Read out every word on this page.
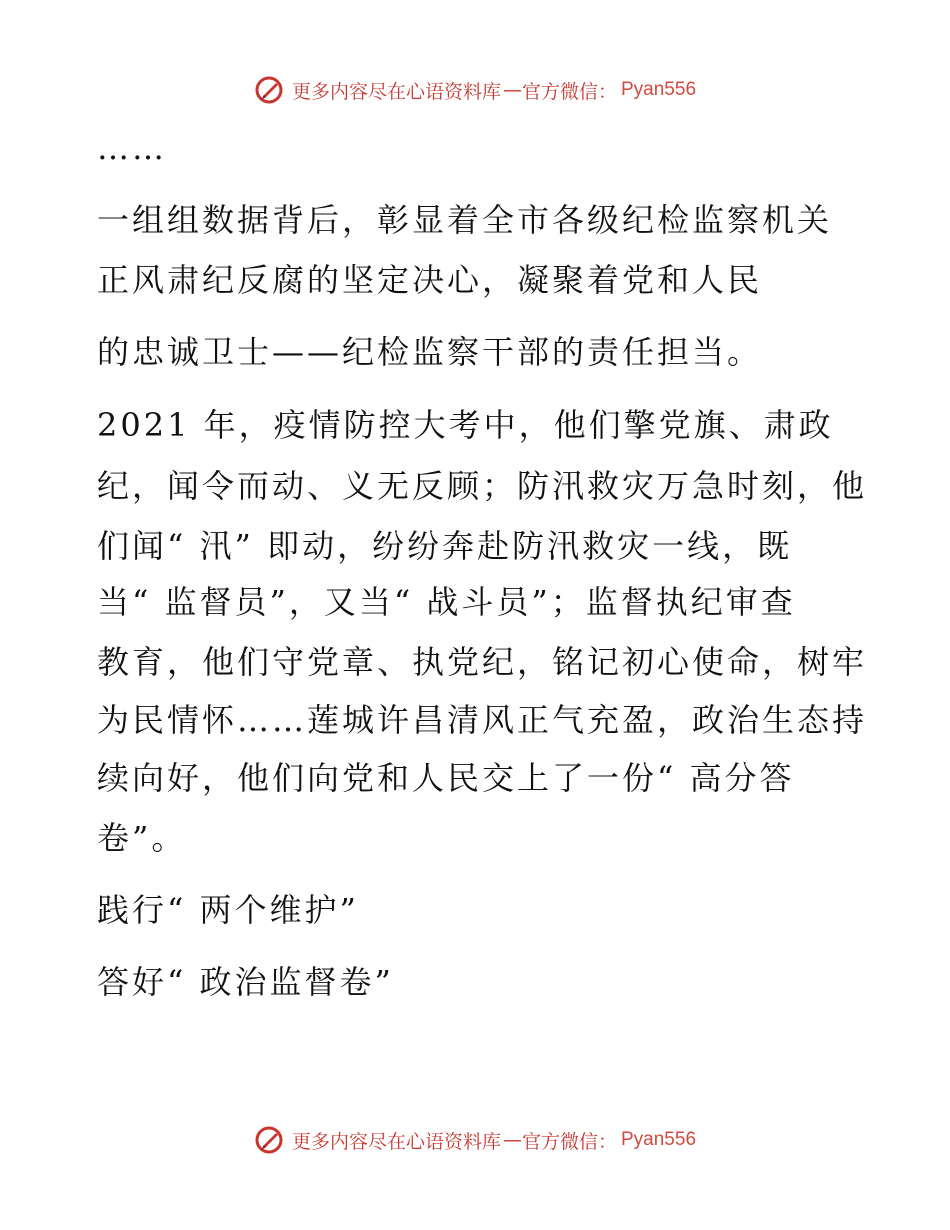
更多内容尽在心语资料库 — 官方微信： Pyan556
……
一组组数据背后，彰显着全市各级纪检监察机关
正风肃纪反腐的坚定决心，凝聚着党和人民
的忠诚卫士——纪检监察干部的责任担当。
2021 年，疫情防控大考中，他们擎党旗、肃政
纪，闻令而动、义无反顾；防汛救灾万急时刻，他
们闻“ 汛” 即动，纷纷奔赴防汛救灾一线，既
当“ 监督员”，又当“ 战斗员”；监督执纪审查
教育，他们守党章、执党纪，铭记初心使命，树牢
为民情怀……莲城许昌清风正气充盈，政治生态持
续向好，他们向党和人民交上了一份“ 高分答
卷”。
践行“ 两个维护”
答好“ 政治监督卷”
更多内容尽在心语资料库 — 官方微信： Pyan556
